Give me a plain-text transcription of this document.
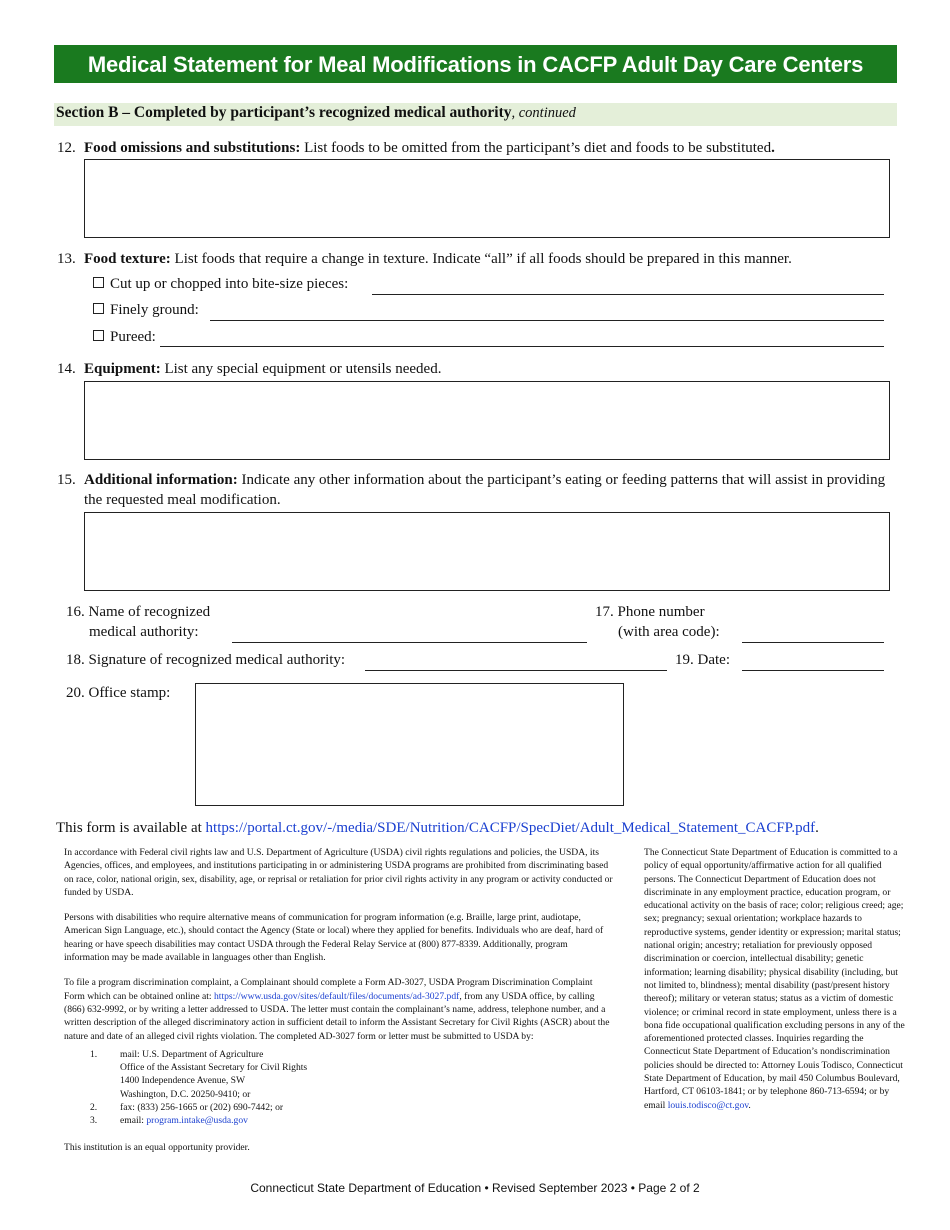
Medical Statement for Meal Modifications in CACFP Adult Day Care Centers
Section B – Completed by participant’s recognized medical authority, continued
12. Food omissions and substitutions: List foods to be omitted from the participant’s diet and foods to be substituted.
13. Food texture: List foods that require a change in texture. Indicate “all” if all foods should be prepared in this manner.
Cut up or chopped into bite-size pieces:
Finely ground:
Pureed:
14. Equipment: List any special equipment or utensils needed.
15. Additional information: Indicate any other information about the participant’s eating or feeding patterns that will assist in providing
the requested meal modification.
16. Name of recognized
medical authority:
17. Phone number
(with area code):
18. Signature of recognized medical authority:	19. Date:
20. Office stamp:
This form is available at https://portal.ct.gov/-/media/SDE/Nutrition/CACFP/SpecDiet/Adult_Medical_Statement_CACFP.pdf.
In accordance with Federal civil rights law and U.S. Department of Agriculture (USDA) civil rights regulations and policies, the USDA, its Agencies, offices, and employees, and institutions participating in or administering USDA programs are prohibited from discriminating based on race, color, national origin, sex, disability, age, or reprisal or retaliation for prior civil rights activity in any program or activity conducted or funded by USDA.
Persons with disabilities who require alternative means of communication for program information (e.g. Braille, large print, audiotape, American Sign Language, etc.), should contact the Agency (State or local) where they applied for benefits. Individuals who are deaf, hard of hearing or have speech disabilities may contact USDA through the Federal Relay Service at (800) 877-8339. Additionally, program information may be made available in languages other than English.
To file a program discrimination complaint, a Complainant should complete a Form AD-3027, USDA Program Discrimination Complaint Form which can be obtained online at: https://www.usda.gov/sites/default/files/documents/ad-3027.pdf, from any USDA office, by calling (866) 632-9992, or by writing a letter addressed to USDA. The letter must contain the complainant’s name, address, telephone number, and a written description of the alleged discriminatory action in sufficient detail to inform the Assistant Secretary for Civil Rights (ASCR) about the nature and date of an alleged civil rights violation. The completed AD-3027 form or letter must be submitted to USDA by:
1. mail: U.S. Department of Agriculture
Office of the Assistant Secretary for Civil Rights
1400 Independence Avenue, SW
Washington, D.C. 20250-9410; or
2. fax: (833) 256-1665 or (202) 690-7442; or
3. email: program.intake@usda.gov
This institution is an equal opportunity provider.
The Connecticut State Department of Education is committed to a policy of equal opportunity/affirmative action for all qualified persons. The Connecticut Department of Education does not discriminate in any employment practice, education program, or educational activity on the basis of race; color; religious creed; age; sex; pregnancy; sexual orientation; workplace hazards to reproductive systems, gender identity or expression; marital status; national origin; ancestry; retaliation for previously opposed discrimination or coercion, intellectual disability; genetic information; learning disability; physical disability (including, but not limited to, blindness); mental disability (past/present history thereof); military or veteran status; status as a victim of domestic violence; or criminal record in state employment, unless there is a bona fide occupational qualification excluding persons in any of the aforementioned protected classes. Inquiries regarding the Connecticut State Department of Education’s nondiscrimination policies should be directed to: Attorney Louis Todisco, Connecticut State Department of Education, by mail 450 Columbus Boulevard, Hartford, CT 06103-1841; or by telephone 860-713-6594; or by email louis.todisco@ct.gov.
Connecticut State Department of Education • Revised September 2023 • Page 2 of 2
